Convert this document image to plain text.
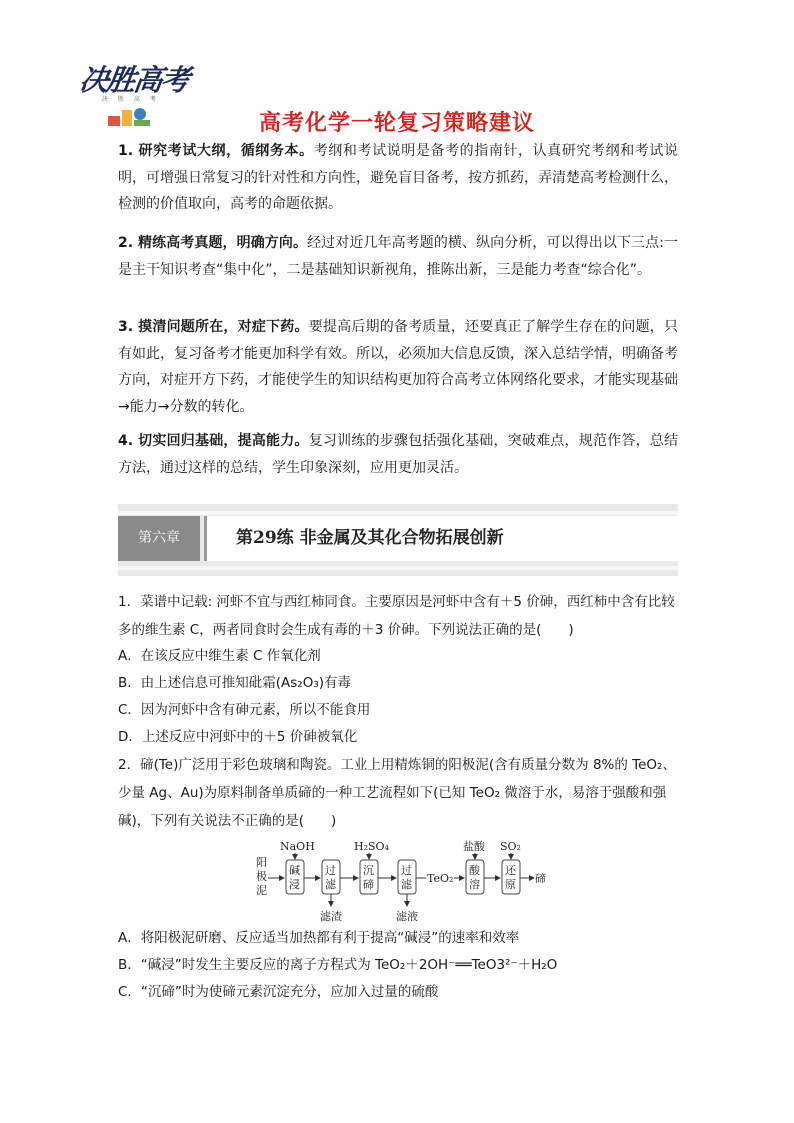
决胜高考
决 胜 高 考
高考化学一轮复习策略建议
1. 研究考试大纲，循纲务本。考纲和考试说明是备考的指南针，认真研究考纲和考试说明，可增强日常复习的针对性和方向性，避免盲目备考，按方抓药，弄清楚高考检测什么，检测的价值取向，高考的命题依据。
2. 精练高考真题，明确方向。经过对近几年高考题的横、纵向分析，可以得出以下三点:一是主干知识考查“集中化”，二是基础知识新视角，推陈出新，三是能力考查“综合化”。
3. 摸清问题所在，对症下药。要提高后期的备考质量，还要真正了解学生存在的问题，只有如此，复习备考才能更加科学有效。所以，必须加大信息反馈，深入总结学情，明确备考方向，对症开方下药，才能使学生的知识结构更加符合高考立体网络化要求，才能实现基础→能力→分数的转化。
4. 切实回归基础，提高能力。复习训练的步骤包括强化基础，突破难点，规范作答，总结方法，通过这样的总结，学生印象深刻，应用更加灵活。
第六章	第29练 非金属及其化合物拓展创新
1．菜谱中记载: 河虾不宜与西红柿同食。主要原因是河虾中含有＋5 价砷，西红柿中含有比较多的维生素 C，两者同食时会生成有毒的＋3 价砷。下列说法正确的是(　　)
A．在该反应中维生素 C 作氧化剂
B．由上述信息可推知砒霜(As₂O₃)有毒
C．因为河虾中含有砷元素，所以不能食用
D．上述反应中河虾中的＋5 价砷被氧化
2．碲(Te)广泛用于彩色玻璃和陶瓷。工业上用精炼铜的阳极泥(含有质量分数为 8%的 TeO₂、少量 Ag、Au)为原料制备单质碲的一种工艺流程如下(已知 TeO₂ 微溶于水，易溶于强酸和强碱)，下列有关说法不正确的是(　　)
阳
极
泥
碱
浸
过
滤
沉
碲
过
滤 TeO₂
酸
溶
还
原 碲
NaOH	H₂SO₄	盐酸 SO₂
滤渣	滤液
A．将阳极泥研磨、反应适当加热都有利于提高“碱浸”的速率和效率
B．“碱浸”时发生主要反应的离子方程式为 TeO₂＋2OH⁻══TeO3²⁻＋H₂O
C．“沉碲”时为使碲元素沉淀充分，应加入过量的硫酸
